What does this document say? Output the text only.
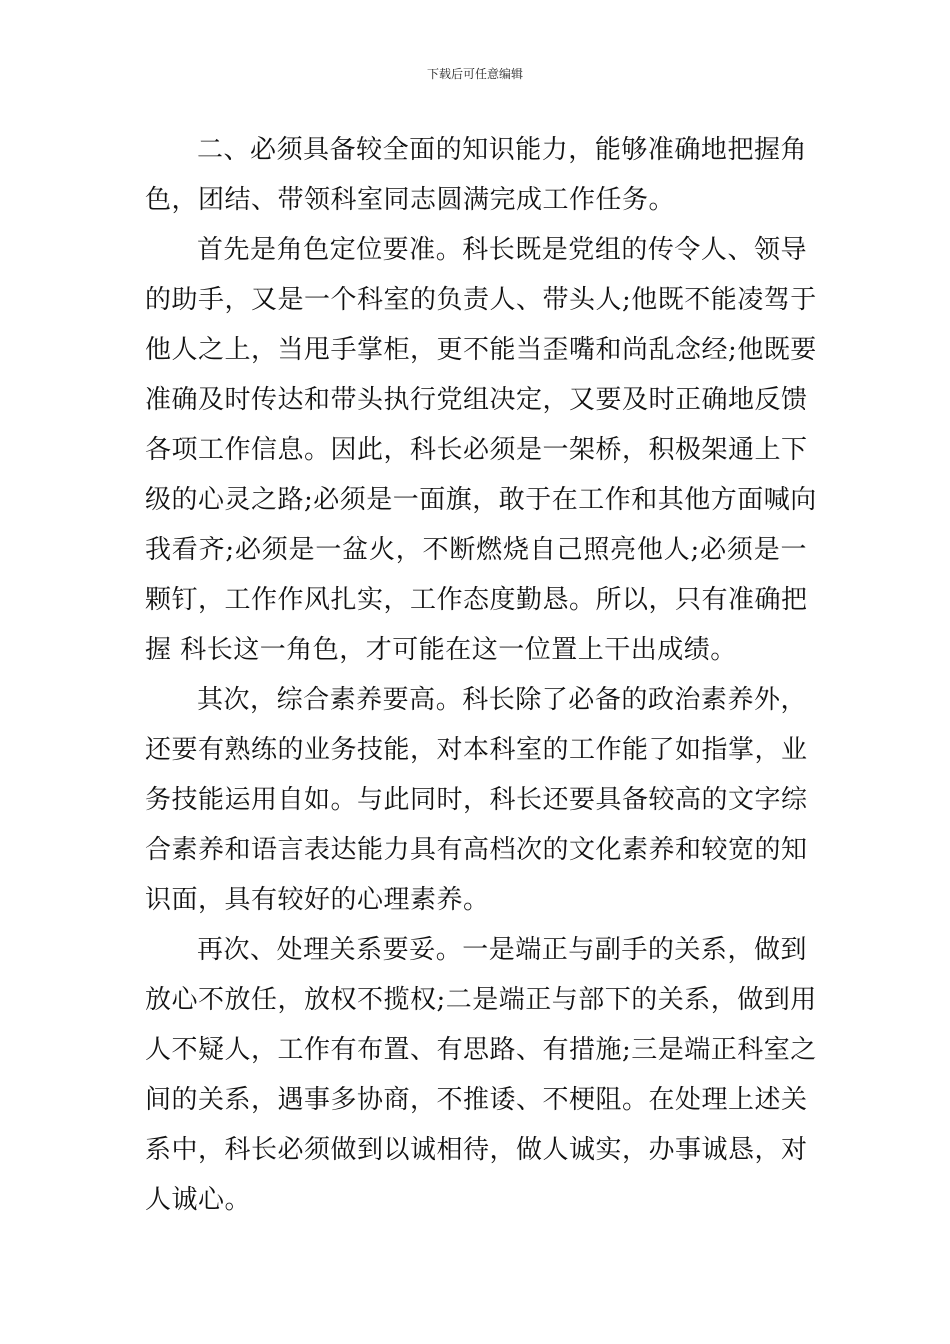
下载后可任意编辑
二、必须具备较全面的知识能力，能够准确地把握角
色，团结、带领科室同志圆满完成工作任务。
首先是角色定位要准。科长既是党组的传令人、领导
的助手，又是一个科室的负责人、带头人;他既不能凌驾于
他人之上，当甩手掌柜，更不能当歪嘴和尚乱念经;他既要
准确及时传达和带头执行党组决定，又要及时正确地反馈
各项工作信息。因此，科长必须是一架桥，积极架通上下
级的心灵之路;必须是一面旗，敢于在工作和其他方面喊向
我看齐;必须是一盆火，不断燃烧自己照亮他人;必须是一
颗钉，工作作风扎实，工作态度勤恳。所以，只有准确把
握 科长这一角色，才可能在这一位置上干出成绩。
其次，综合素养要高。科长除了必备的政治素养外，
还要有熟练的业务技能，对本科室的工作能了如指掌，业
务技能运用自如。与此同时，科长还要具备较高的文字综
合素养和语言表达能力具有高档次的文化素养和较宽的知
识面，具有较好的心理素养。
再次、处理关系要妥。一是端正与副手的关系，做到
放心不放任，放权不揽权;二是端正与部下的关系，做到用
人不疑人，工作有布置、有思路、有措施;三是端正科室之
间的关系，遇事多协商，不推诿、不梗阻。在处理上述关
系中，科长必须做到以诚相待，做人诚实，办事诚恳，对
人诚心。
